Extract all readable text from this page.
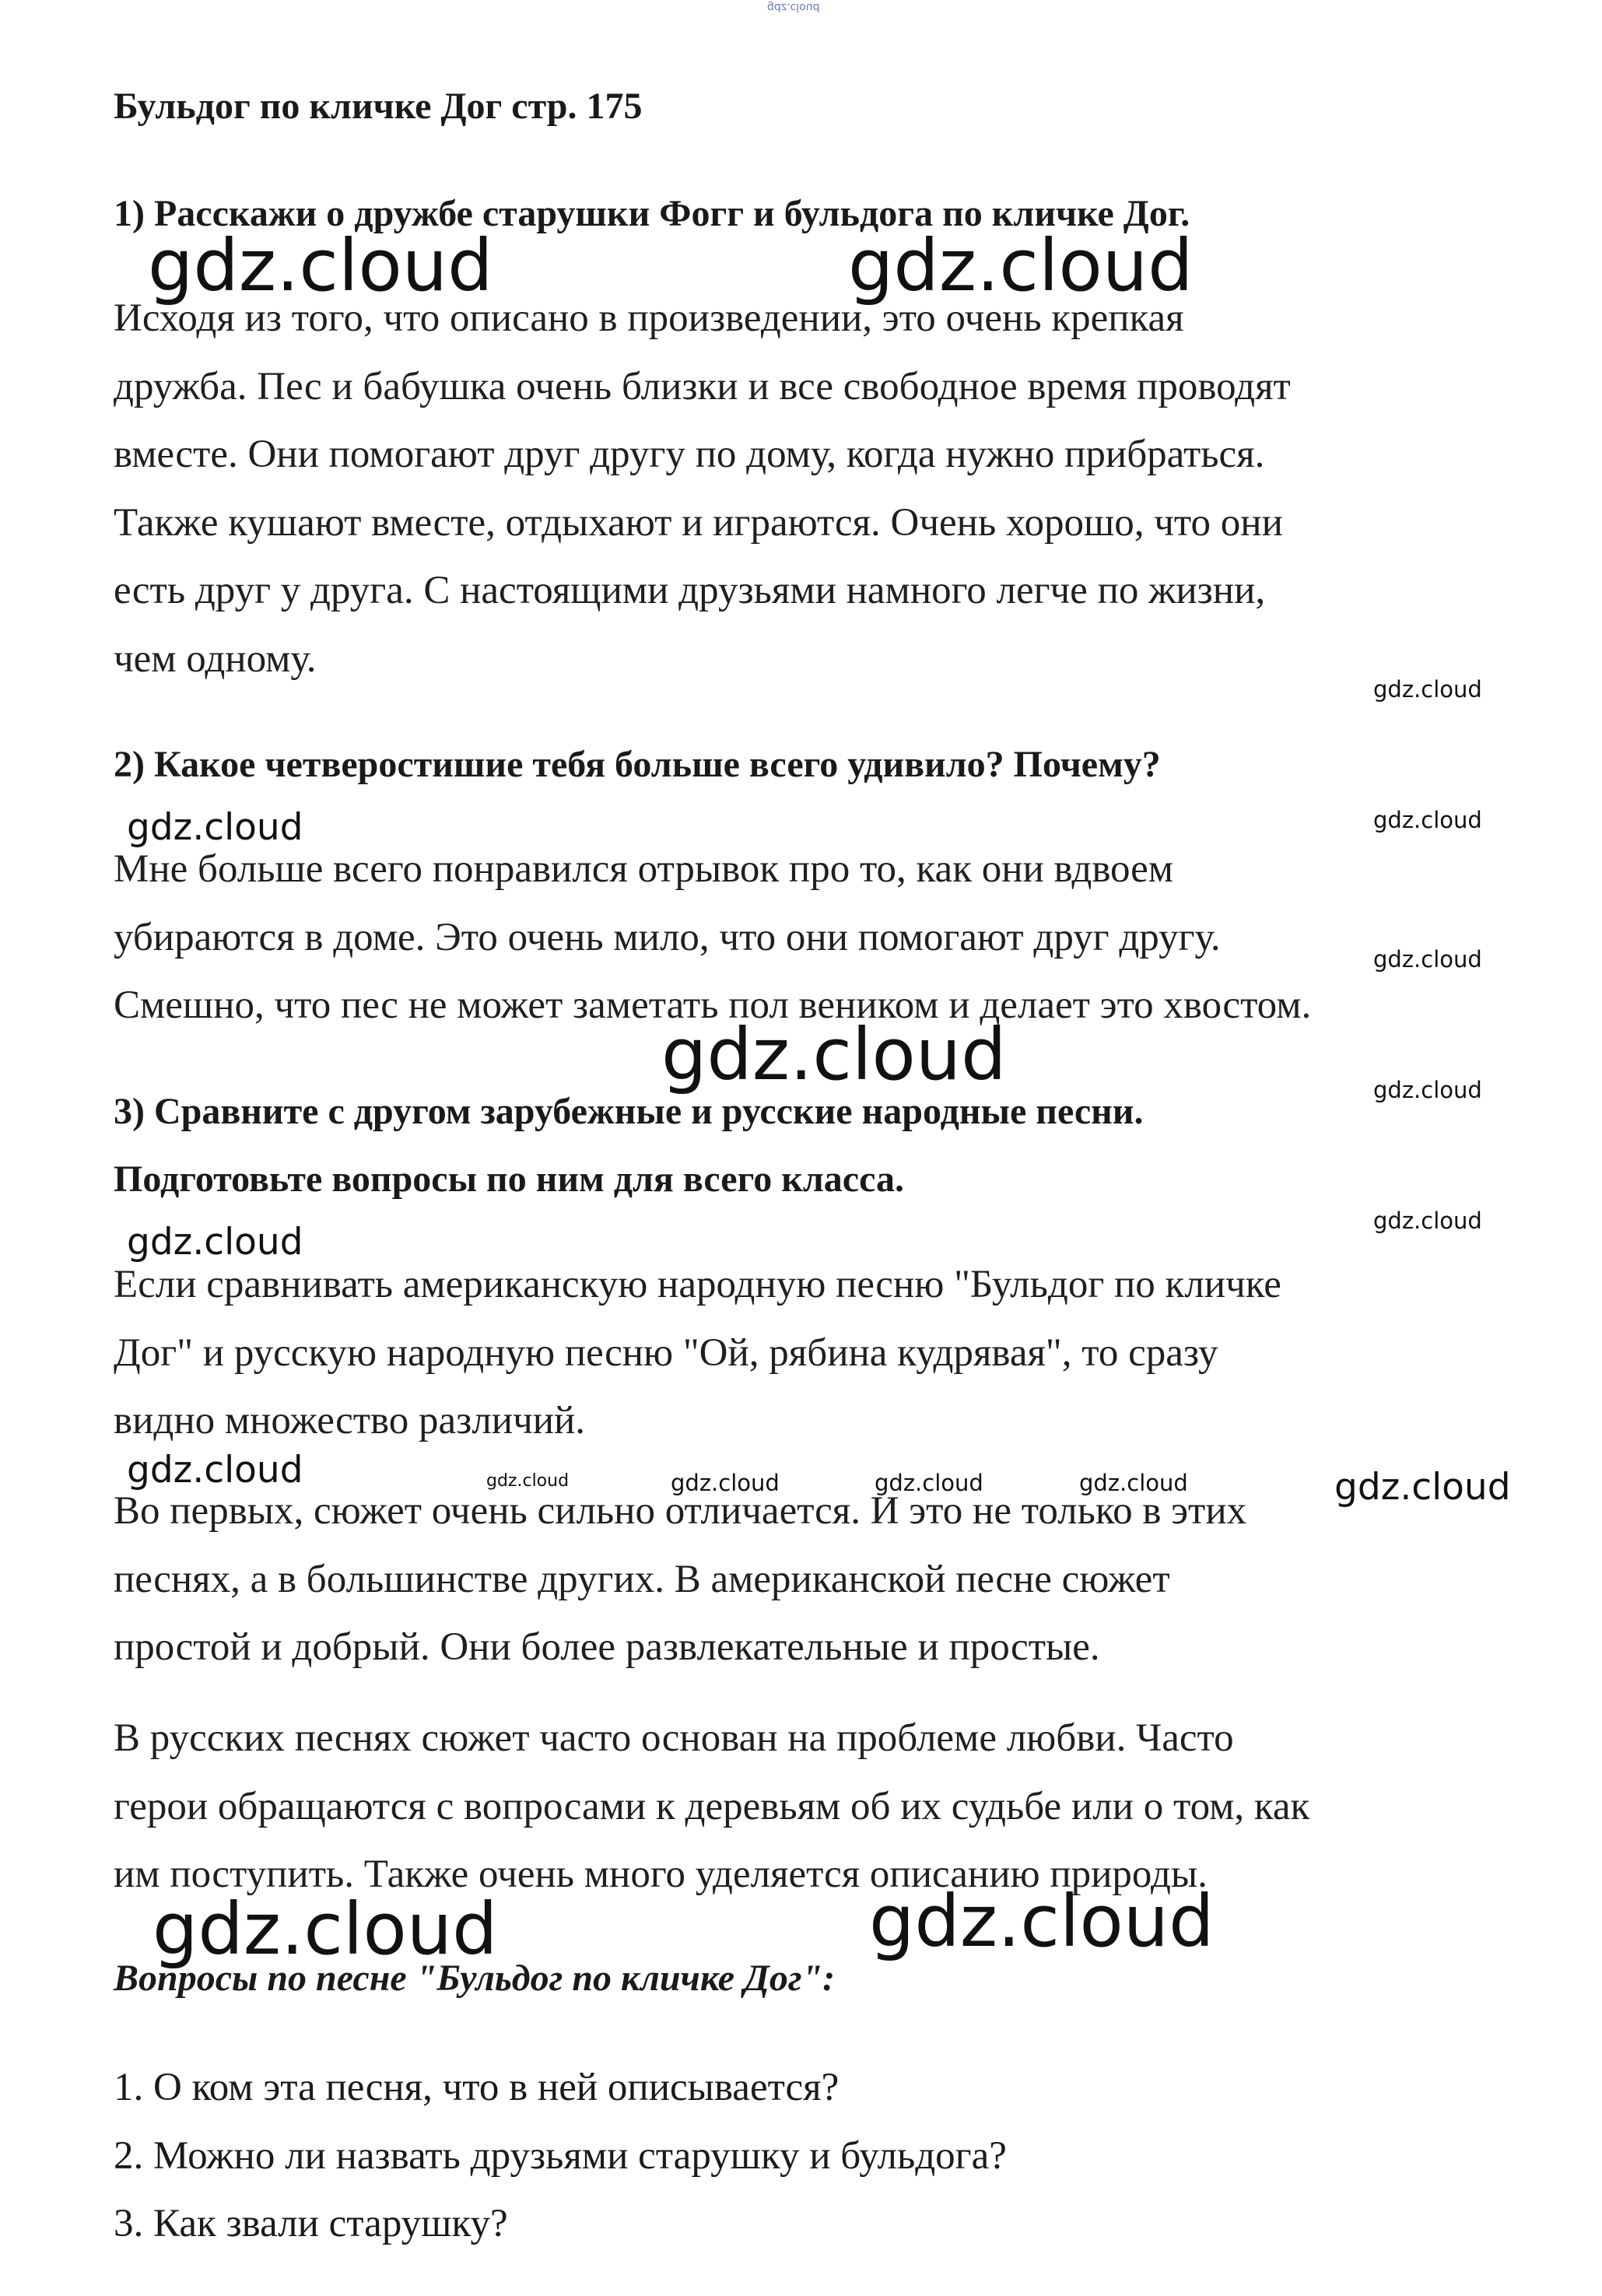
gdz.cloud
gdz.cloud	gdz.cloud
gdz.cloud
gdz.cloud	gdz.cloud
gdz.cloud
gdz.cloud	gdz.cloud
gdz.cloud
gdz.cloud
gdz.cloud	gdz.cloud	gdz.cloud	gdz.cloud	gdz.cloud	gdz.cloud
gdz.cloud	gdz.cloud
Бульдог по кличке Дог стр. 175
1) Расскажи о дружбе старушки Фогг и бульдога по кличке Дог.
Исходя из того, что описано в произведении, это очень крепкая
дружба. Пес и бабушка очень близки и все свободное время проводят
вместе. Они помогают друг другу по дому, когда нужно прибраться.
Также кушают вместе, отдыхают и играются. Очень хорошо, что они
есть друг у друга. С настоящими друзьями намного легче по жизни,
чем одному.
2) Какое четверостишие тебя больше всего удивило? Почему?
Мне больше всего понравился отрывок про то, как они вдвоем
убираются в доме. Это очень мило, что они помогают друг другу.
Смешно, что пес не может заметать пол веником и делает это хвостом.
3) Сравните с другом зарубежные и русские народные песни.
Подготовьте вопросы по ним для всего класса.
Если сравнивать американскую народную песню "Бульдог по кличке
Дог" и русскую народную песню "Ой, рябина кудрявая", то сразу
видно множество различий.
Во первых, сюжет очень сильно отличается. И это не только в этих
песнях, а в большинстве других. В американской песне сюжет
простой и добрый. Они более развлекательные и простые.
В русских песнях сюжет часто основан на проблеме любви. Часто
герои обращаются с вопросами к деревьям об их судьбе или о том, как
им поступить. Также очень много уделяется описанию природы.
Вопросы по песне "Бульдог по кличке Дог":
1. О ком эта песня, что в ней описывается?
2. Можно ли назвать друзьями старушку и бульдога?
3. Как звали старушку?
